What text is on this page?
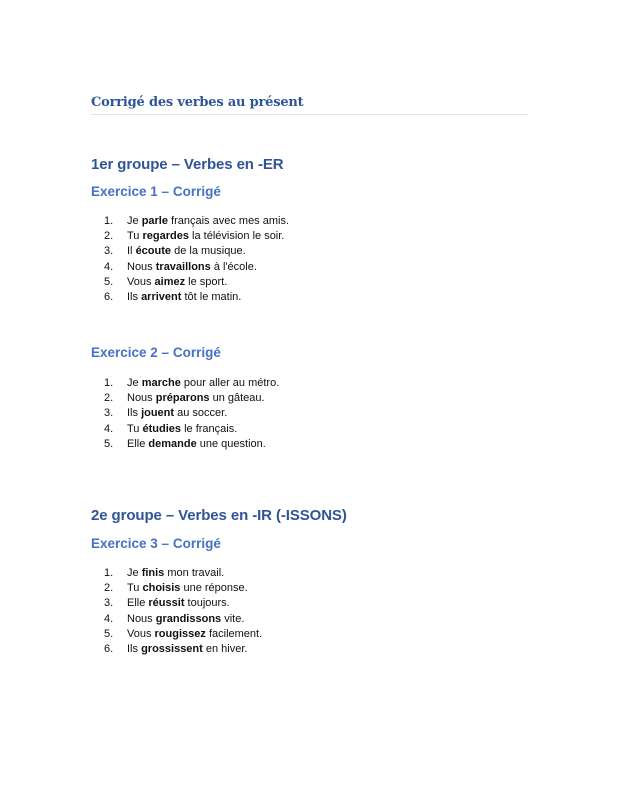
Corrigé des verbes au présent
1er groupe – Verbes en -ER
Exercice 1 – Corrigé
1. Je parle français avec mes amis.
2. Tu regardes la télévision le soir.
3. Il écoute de la musique.
4. Nous travaillons à l'école.
5. Vous aimez le sport.
6. Ils arrivent tôt le matin.
Exercice 2 – Corrigé
1. Je marche pour aller au métro.
2. Nous préparons un gâteau.
3. Ils jouent au soccer.
4. Tu étudies le français.
5. Elle demande une question.
2e groupe – Verbes en -IR (-ISSONS)
Exercice 3 – Corrigé
1. Je finis mon travail.
2. Tu choisis une réponse.
3. Elle réussit toujours.
4. Nous grandissons vite.
5. Vous rougissez facilement.
6. Ils grossissent en hiver.
